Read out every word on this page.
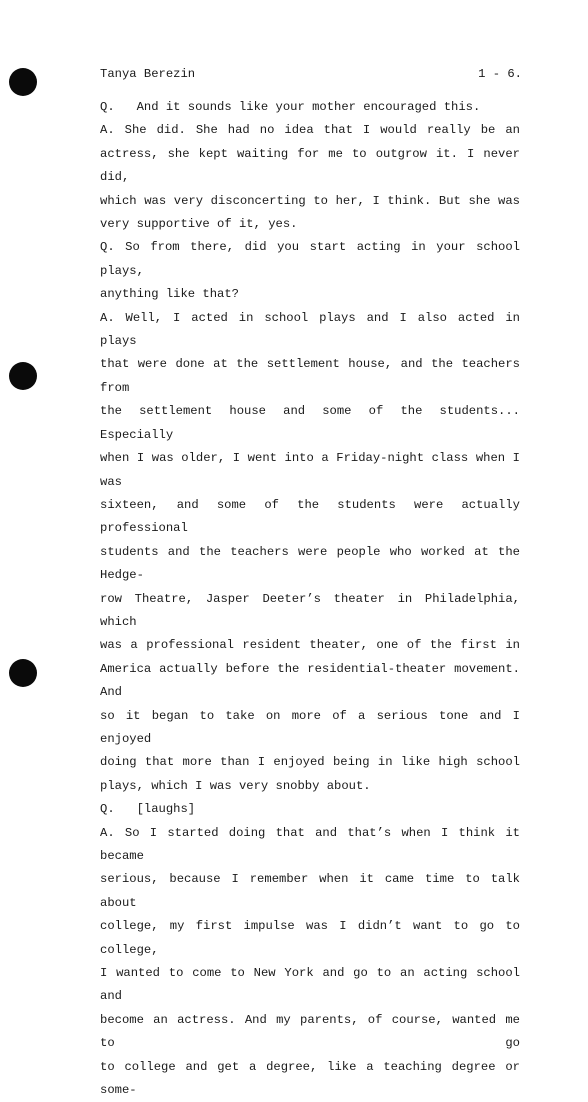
Tanya Berezin	1 - 6.
Q.   And it sounds like your mother encouraged this.
A. She did. She had no idea that I would really be an
actress, she kept waiting for me to outgrow it. I never did,
which was very disconcerting to her, I think. But she was
very supportive of it, yes.
Q. So from there, did you start acting in your school plays,
anything like that?
A. Well, I acted in school plays and I also acted in plays
that were done at the settlement house, and the teachers from
the settlement house and some of the students... Especially
when I was older, I went into a Friday-night class when I was
sixteen, and some of the students were actually professional
students and the teachers were people who worked at the Hedge-
row Theatre, Jasper Deeter’s theater in Philadelphia, which
was a professional resident theater, one of the first in
America actually before the residential-theater movement. And
so it began to take on more of a serious tone and I enjoyed
doing that more than I enjoyed being in like high school
plays, which I was very snobby about.
Q.   [laughs]
A. So I started doing that and that’s when I think it became
serious, because I remember when it came time to talk about
college, my first impulse was I didn’t want to go to college,
I wanted to come to New York and go to an acting school and
become an actress. And my parents, of course, wanted me to go
to college and get a degree, like a teaching degree or some-
